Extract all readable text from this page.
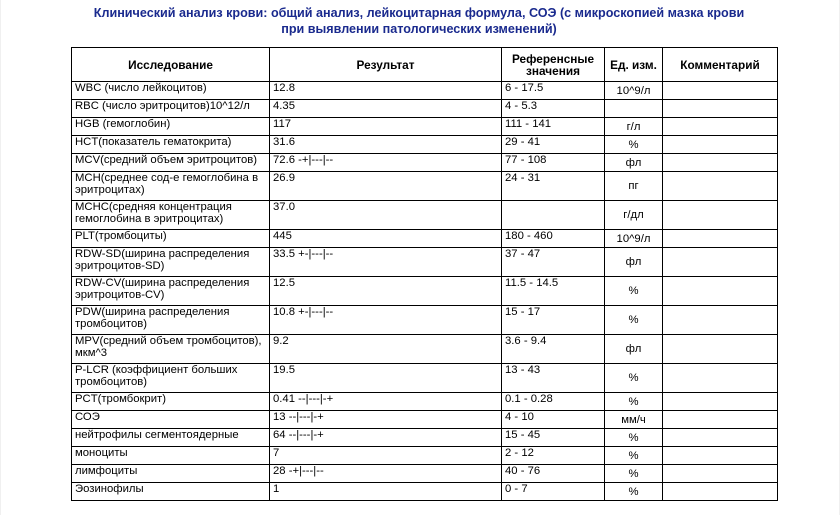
Клинический анализ крови: общий анализ, лейкоцитарная формула, СОЭ (с микроскопией мазка крови
при выявлении патологических изменений)
Исследование	Результат	Референсные значения	Ед. изм.	Комментарий
WBC (число лейкоцитов)	12.8	6 - 17.5	10^9/л	
RBC (число эритроцитов)10^12/л	4.35	4 - 5.3		
HGB (гемоглобин)	117	111 - 141	г/л	
HCT(показатель гематокрита)	31.6	29 - 41	%	
MCV(средний объем эритроцитов)	72.6 -+|---|--	77 - 108	фл	
MCH(среднее сод-е гемоглобина в эритроцитах)	26.9	24 - 31	пг	
MCHC(средняя концентрация гемоглобина в эритроцитах)	37.0		г/дл	
PLT(тромбоциты)	445	180 - 460	10^9/л	
RDW-SD(ширина распределения эритроцитов-SD)	33.5 +-|---|--	37 - 47	фл	
RDW-CV(ширина распределения эритроцитов-CV)	12.5	11.5 - 14.5	%	
PDW(ширина распределения тромбоцитов)	10.8 +-|---|--	15 - 17	%	
MPV(средний объем тромбоцитов), мкм^3	9.2	3.6 - 9.4	фл	
P-LCR (коэффициент больших тромбоцитов)	19.5	13 - 43	%	
PCT(тромбокрит)	0.41 --|---|-+	0.1 - 0.28	%	
СОЭ	13 --|---|-+	4 - 10	мм/ч	
нейтрофилы сегментоядерные	64 --|---|-+	15 - 45	%	
моноциты	7	2 - 12	%	
лимфоциты	28 -+|---|--	40 - 76	%	
Эозинофилы	1	0 - 7	%	
